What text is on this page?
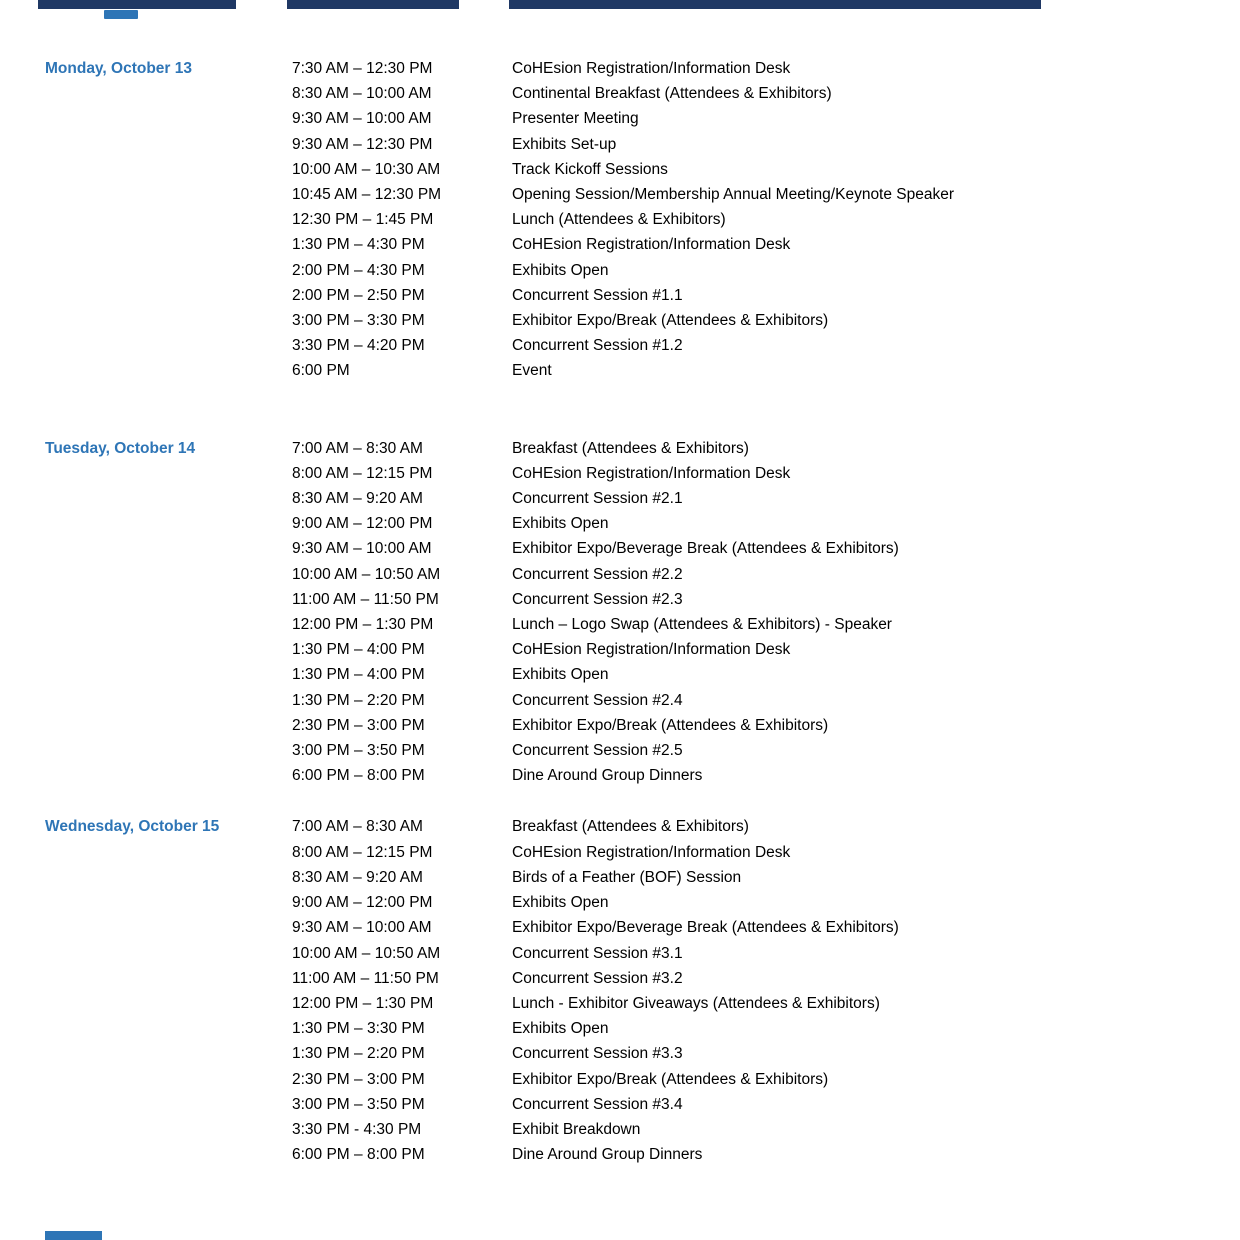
Monday, October 13	7:30 AM – 12:30 PM	CoHEsion Registration/Information Desk
8:30 AM – 10:00 AM	Continental Breakfast (Attendees & Exhibitors)
9:30 AM – 10:00 AM	Presenter Meeting
9:30 AM – 12:30 PM	Exhibits Set-up
10:00 AM – 10:30 AM	Track Kickoff Sessions
10:45 AM – 12:30 PM	Opening Session/Membership Annual Meeting/Keynote Speaker
12:30 PM – 1:45 PM	Lunch (Attendees & Exhibitors)
1:30 PM – 4:30 PM	CoHEsion Registration/Information Desk
2:00 PM – 4:30 PM	Exhibits Open
2:00 PM – 2:50 PM	Concurrent Session #1.1
3:00 PM – 3:30 PM	Exhibitor Expo/Break (Attendees & Exhibitors)
3:30 PM – 4:20 PM	Concurrent Session #1.2
6:00 PM	Event
Tuesday, October 14	7:00 AM – 8:30 AM	Breakfast (Attendees & Exhibitors)
8:00 AM – 12:15 PM	CoHEsion Registration/Information Desk
8:30 AM – 9:20 AM	Concurrent Session #2.1
9:00 AM – 12:00 PM	Exhibits Open
9:30 AM – 10:00 AM	Exhibitor Expo/Beverage Break (Attendees & Exhibitors)
10:00 AM – 10:50 AM	Concurrent Session #2.2
11:00 AM – 11:50 PM	Concurrent Session #2.3
12:00 PM – 1:30 PM	Lunch – Logo Swap (Attendees & Exhibitors) - Speaker
1:30 PM – 4:00 PM	CoHEsion Registration/Information Desk
1:30 PM – 4:00 PM	Exhibits Open
1:30 PM – 2:20 PM	Concurrent Session #2.4
2:30 PM – 3:00 PM	Exhibitor Expo/Break (Attendees & Exhibitors)
3:00 PM – 3:50 PM	Concurrent Session #2.5
6:00 PM – 8:00 PM	Dine Around Group Dinners
Wednesday, October 15	7:00 AM – 8:30 AM	Breakfast (Attendees & Exhibitors)
8:00 AM – 12:15 PM	CoHEsion Registration/Information Desk
8:30 AM – 9:20 AM	Birds of a Feather (BOF) Session
9:00 AM – 12:00 PM	Exhibits Open
9:30 AM – 10:00 AM	Exhibitor Expo/Beverage Break (Attendees & Exhibitors)
10:00 AM – 10:50 AM	Concurrent Session #3.1
11:00 AM – 11:50 PM	Concurrent Session #3.2
12:00 PM – 1:30 PM	Lunch - Exhibitor Giveaways (Attendees & Exhibitors)
1:30 PM – 3:30 PM	Exhibits Open
1:30 PM – 2:20 PM	Concurrent Session #3.3
2:30 PM – 3:00 PM	Exhibitor Expo/Break (Attendees & Exhibitors)
3:00 PM – 3:50 PM	Concurrent Session #3.4
3:30 PM - 4:30 PM	Exhibit Breakdown
6:00 PM – 8:00 PM	Dine Around Group Dinners
